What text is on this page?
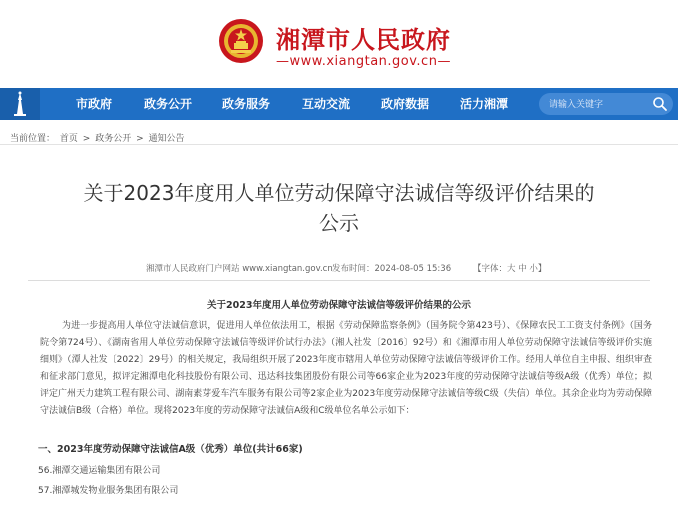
湘潭市人民政府
—www.xiangtan.gov.cn—
市政府	政务公开 政务服务	互动交流	政府数据	活力湘潭
请输入关键字
当前位置： 首页 > 政务公开 > 通知公告
关于2023年度用人单位劳动保障守法诚信等级评价结果的公示
湘潭市人民政府门户网站 www.xiangtan.gov.cn 发布时间：2024-08-05 15:36	【字体：大 中 小】
关于2023年度用人单位劳动保障守法诚信等级评价结果的公示
为进一步提高用人单位守法诚信意识，促进用人单位依法用工，根据《劳动保障监察条例》（国务院令第423号）、《保障农民工工资支付条例》（国务院令第724号）、《湖南省用人单位劳动保障守法诚信等级评价试行办法》（湘人社发〔2016〕92号）和《湘潭市用人单位劳动保障守法诚信等级评价实施细则》（潭人社发〔2022〕29号）的相关规定，我局组织开展了2023年度市辖用人单位劳动保障守法诚信等级评价工作。经用人单位自主申报、组织审查和征求部门意见，拟评定湘潭电化科技股份有限公司、迅达科技集团股份有限公司等66家企业为2023年度的劳动保障守法诚信等级A级（优秀）单位；拟评定广州天力建筑工程有限公司、湖南素芽爱车汽车服务有限公司等2家企业为2023年度劳动保障守法诚信等级C级（失信）单位。其余企业均为劳动保障守法诚信B级（合格）单位。现将2023年度的劳动保障守法诚信A级和C级单位名单公示如下：
一、2023年度劳动保障守法诚信A级（优秀）单位(共计66家)
56.湘潭交通运输集团有限公司
57.湘潭城发物业服务集团有限公司
